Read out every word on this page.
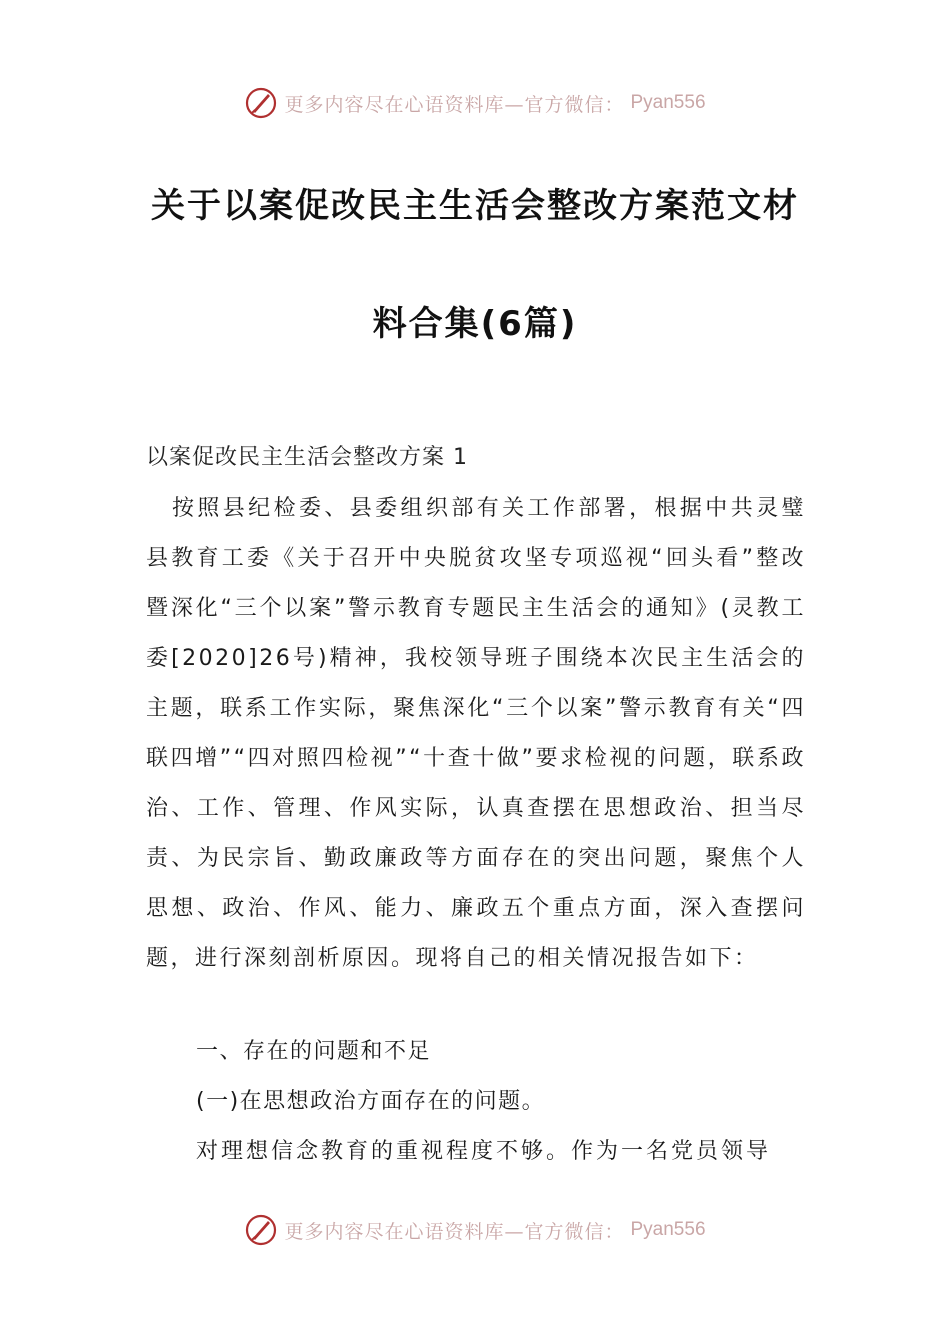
更多内容尽在心语资料库—官方微信： Pyan556
关于以案促改民主生活会整改方案范文材
料合集(6篇)

以案促改民主生活会整改方案 1

按照县纪检委、县委组织部有关工作部署，根据中共灵璧县教育工委《关于召开中央脱贫攻坚专项巡视“回头看”整改暨深化“三个以案”警示教育专题民主生活会的通知》(灵教工委[2020]26号)精神，我校领导班子围绕本次民主生活会的主题，联系工作实际，聚焦深化“三个以案”警示教育有关“四联四增”“四对照四检视”“十查十做”要求检视的问题，联系政治、工作、管理、作风实际，认真查摆在思想政治、担当尽责、为民宗旨、勤政廉政等方面存在的突出问题，聚焦个人思想、政治、作风、能力、廉政五个重点方面，深入查摆问题，进行深刻剖析原因。现将自己的相关情况报告如下：

一、存在的问题和不足

(一)在思想政治方面存在的问题。

对理想信念教育的重视程度不够。作为一名党员领导

更多内容尽在心语资料库—官方微信： Pyan556
